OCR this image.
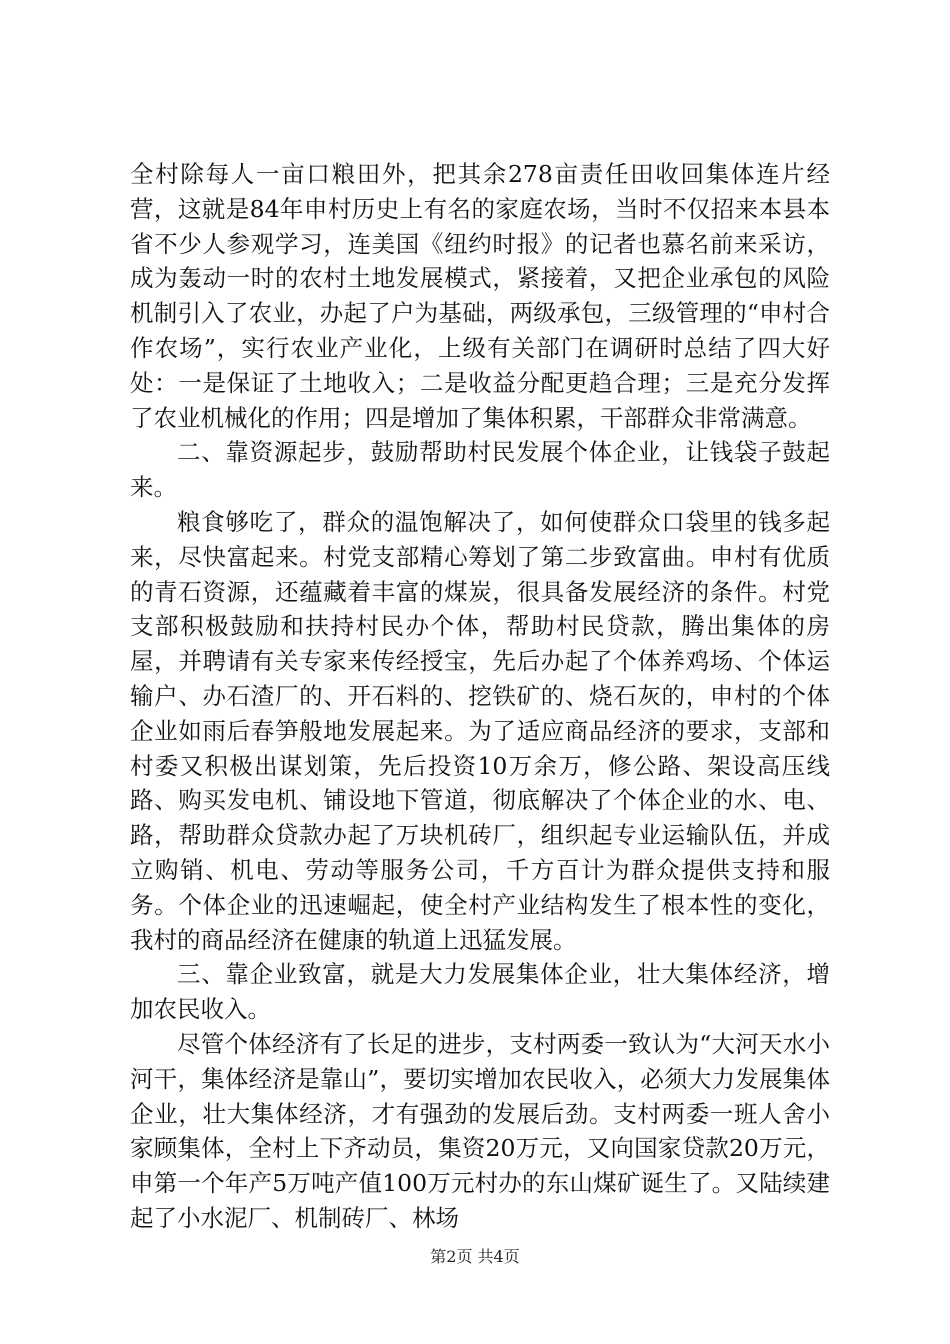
全村除每人一亩口粮田外，把其余278亩责任田收回集体连片经营，这就是84年申村历史上有名的家庭农场，当时不仅招来本县本省不少人参观学习，连美国《纽约时报》的记者也慕名前来采访，成为轰动一时的农村土地发展模式，紧接着，又把企业承包的风险机制引入了农业，办起了户为基础，两级承包，三级管理的“申村合作农场”，实行农业产业化，上级有关部门在调研时总结了四大好处：一是保证了土地收入；二是收益分配更趋合理；三是充分发挥了农业机械化的作用；四是增加了集体积累，干部群众非常满意。

二、靠资源起步，鼓励帮助村民发展个体企业，让钱袋子鼓起来。

粮食够吃了，群众的温饱解决了，如何使群众口袋里的钱多起来，尽快富起来。村党支部精心筹划了第二步致富曲。申村有优质的青石资源，还蕴藏着丰富的煤炭，很具备发展经济的条件。村党支部积极鼓励和扶持村民办个体，帮助村民贷款，腾出集体的房屋，并聘请有关专家来传经授宝，先后办起了个体养鸡场、个体运输户、办石渣厂的、开石料的、挖铁矿的、烧石灰的，申村的个体企业如雨后春笋般地发展起来。为了适应商品经济的要求，支部和村委又积极出谋划策，先后投资10万余万，修公路、架设高压线路、购买发电机、铺设地下管道，彻底解决了个体企业的水、电、路，帮助群众贷款办起了万块机砖厂，组织起专业运输队伍，并成立购销、机电、劳动等服务公司，千方百计为群众提供支持和服务。个体企业的迅速崛起，使全村产业结构发生了根本性的变化，我村的商品经济在健康的轨道上迅猛发展。

三、靠企业致富，就是大力发展集体企业，壮大集体经济，增加农民收入。

尽管个体经济有了长足的进步，支村两委一致认为“大河天水小河干，集体经济是靠山”，要切实增加农民收入，必须大力发展集体企业，壮大集体经济，才有强劲的发展后劲。支村两委一班人舍小家顾集体，全村上下齐动员，集资20万元，又向国家贷款20万元，申第一个年产5万吨产值100万元村办的东山煤矿诞生了。又陆续建起了小水泥厂、机制砖厂、林场

第2页 共4页
